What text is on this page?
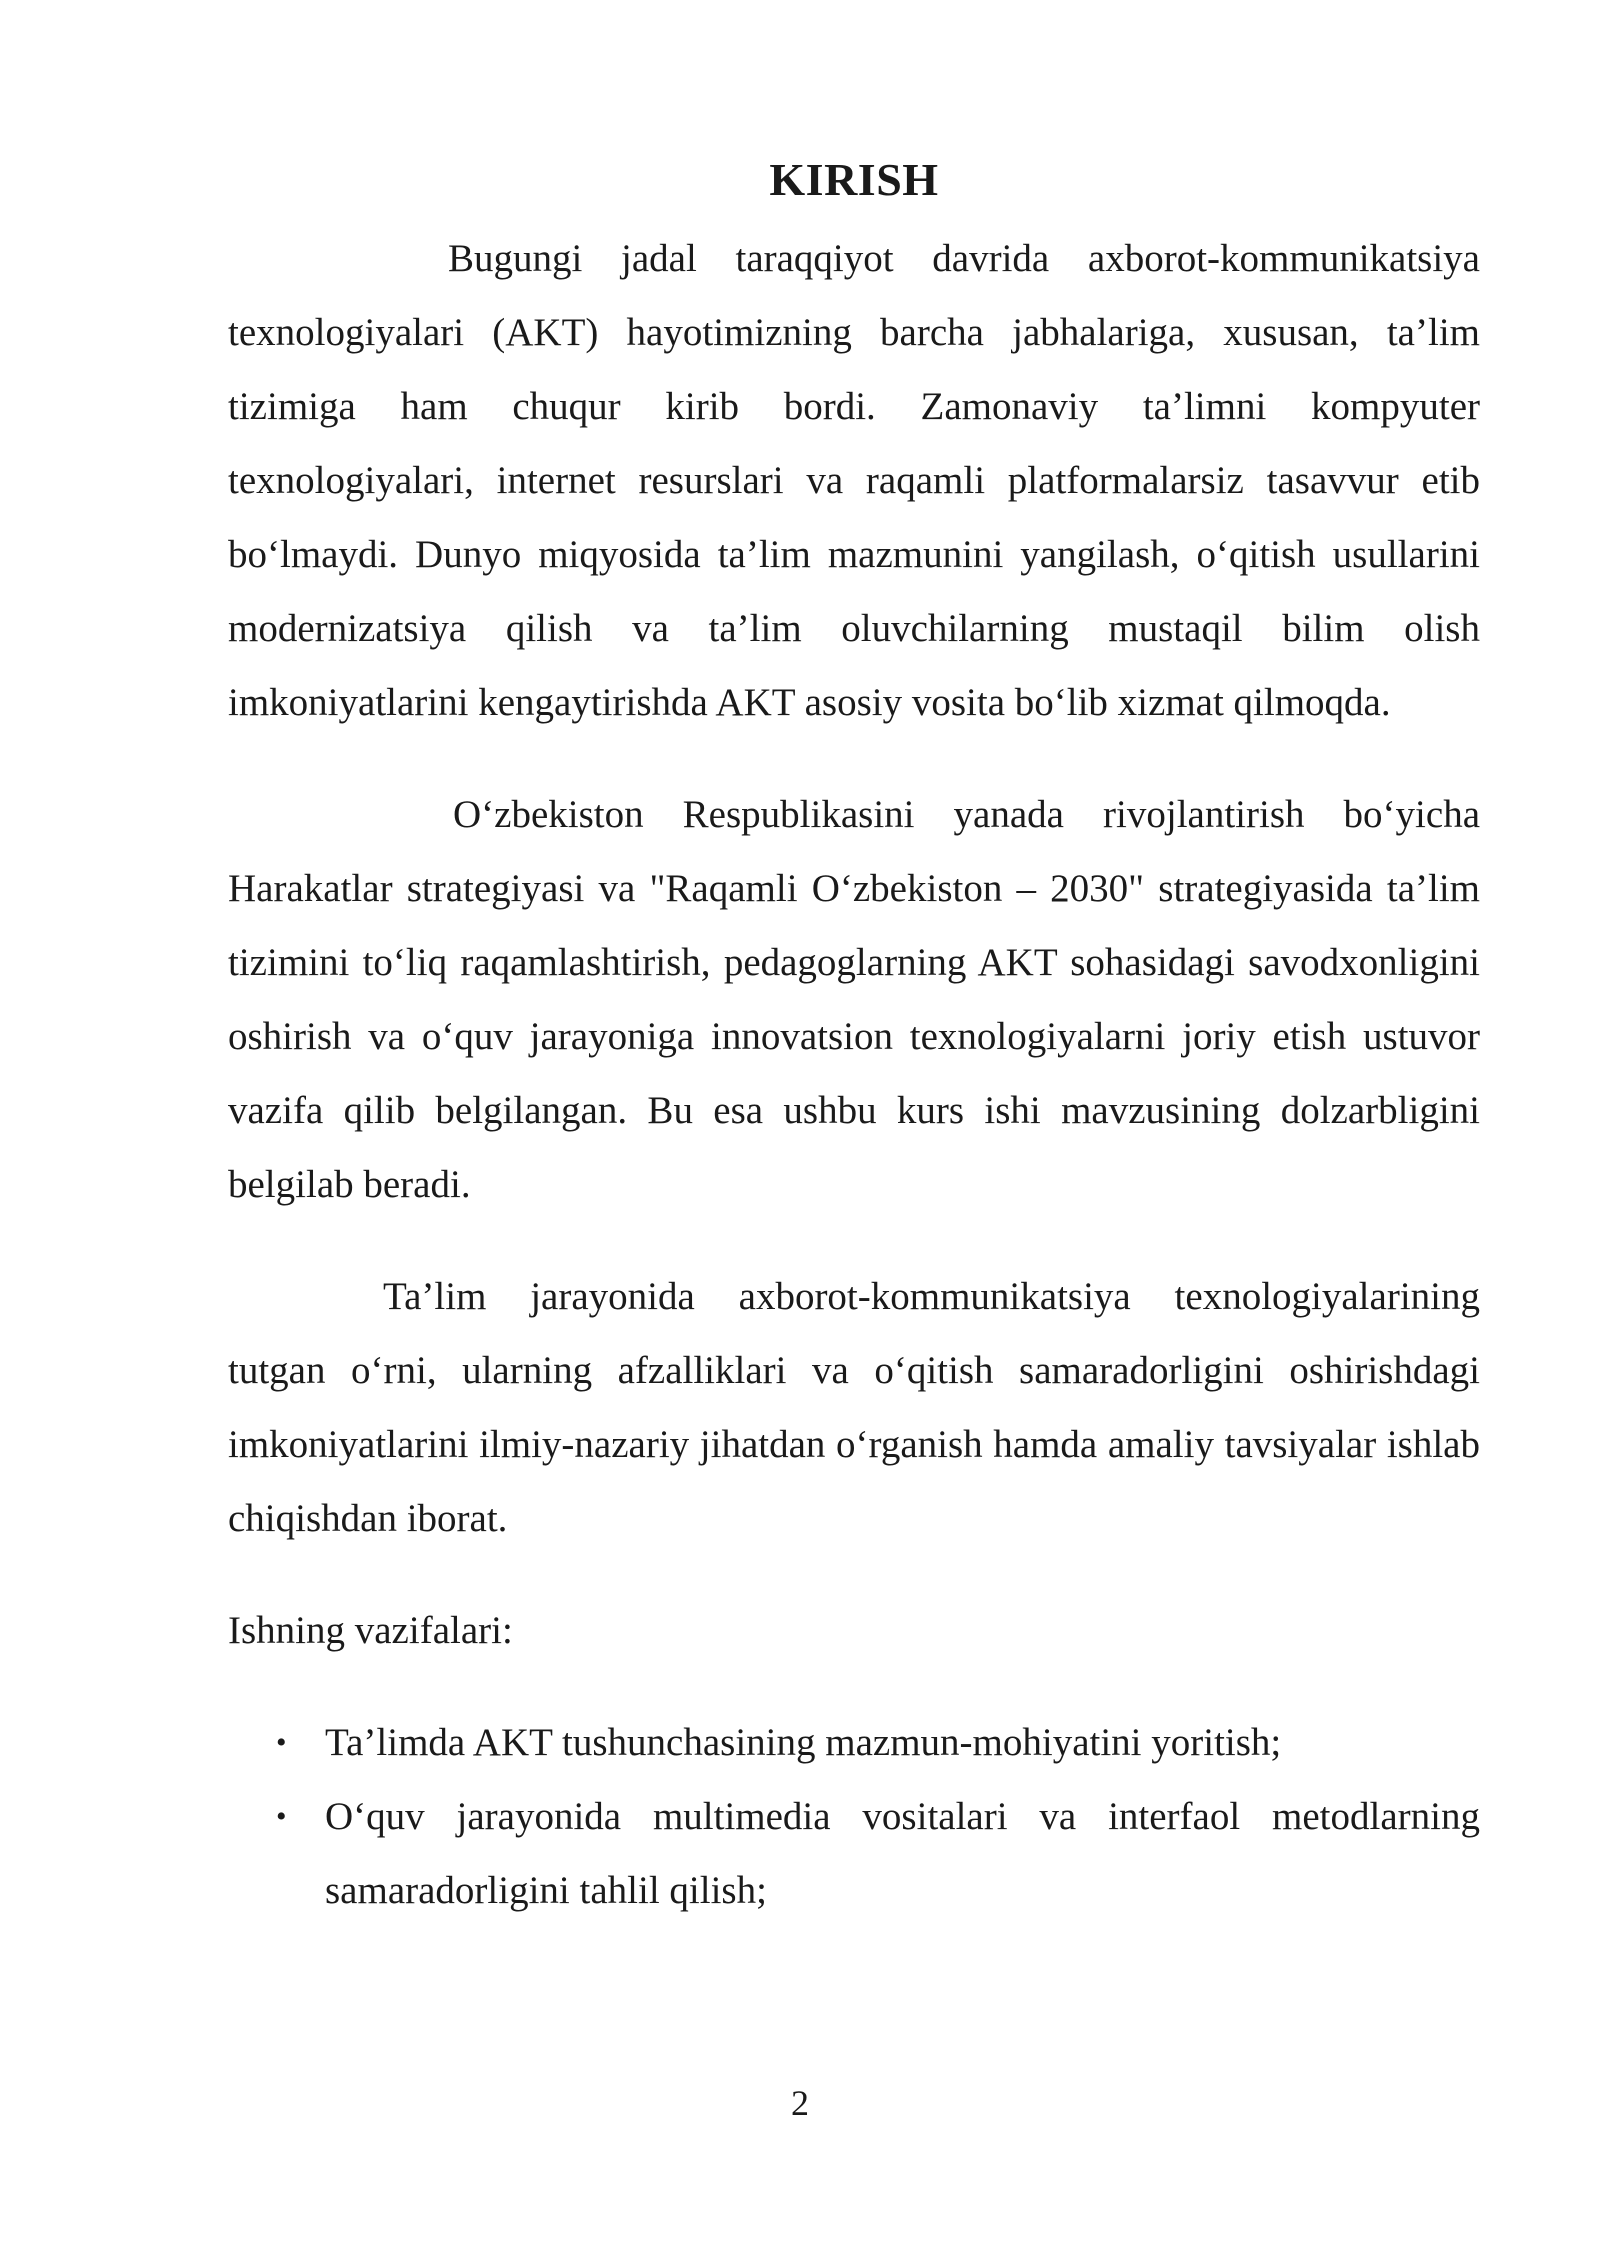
KIRISH

Bugungi jadal taraqqiyot davrida axborot-kommunikatsiya texnologiyalari (AKT) hayotimizning barcha jabhalariga, xususan, ta’lim tizimiga ham chuqur kirib bordi. Zamonaviy ta’limni kompyuter texnologiyalari, internet resurslari va raqamli platformalarsiz tasavvur etib bo‘lmaydi. Dunyo miqyosida ta’lim mazmunini yangilash, o‘qitish usullarini modernizatsiya qilish va ta’lim oluvchilarning mustaqil bilim olish imkoniyatlarini kengaytirishda AKT asosiy vosita bo‘lib xizmat qilmoqda.

O‘zbekiston Respublikasini yanada rivojlantirish bo‘yicha Harakatlar strategiyasi va "Raqamli O‘zbekiston – 2030" strategiyasida ta’lim tizimini to‘liq raqamlashtirish, pedagoglarning AKT sohasidagi savodxonligini oshirish va o‘quv jarayoniga innovatsion texnologiyalarni joriy etish ustuvor vazifa qilib belgilangan. Bu esa ushbu kurs ishi mavzusining dolzarbligini belgilab beradi.

Ta’lim jarayonida axborot-kommunikatsiya texnologiyalarining tutgan o‘rni, ularning afzalliklari va o‘qitish samaradorligini oshirishdagi imkoniyatlarini ilmiy-nazariy jihatdan o‘rganish hamda amaliy tavsiyalar ishlab chiqishdan iborat.

Ishning vazifalari:

• Ta’limda AKT tushunchasining mazmun-mohiyatini yoritish;
• O‘quv jarayonida multimedia vositalari va interfaol metodlarning samaradorligini tahlil qilish;
2
